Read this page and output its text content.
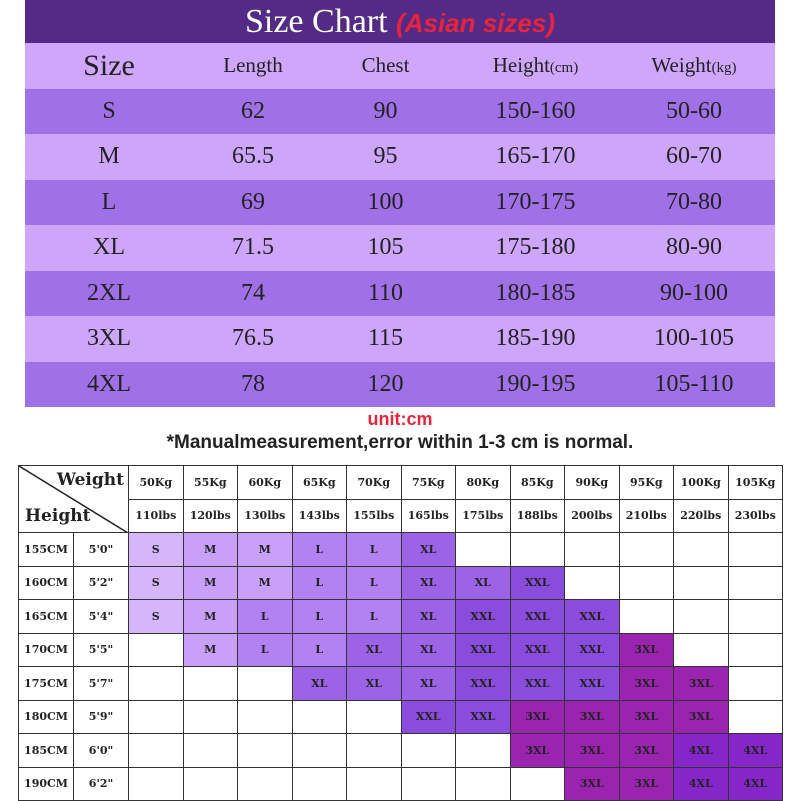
Size Chart (Asian sizes)
Size	Length	Chest	Height(cm)	Weight(kg)
S	62	90	150-160	50-60
M	65.5	95	165-170	60-70
L	69	100	170-175	70-80
XL	71.5	105	175-180	80-90
2XL	74	110	180-185	90-100
3XL	76.5	115	185-190	100-105
4XL	78	120	190-195	105-110
unit:cm
*Manualmeasurement,error within 1-3 cm is normal.
Weight
Height		50Kg	55Kg	60Kg	65Kg	70Kg	75Kg	80Kg	85Kg	90Kg	95Kg	100Kg	105Kg
		110lbs	120lbs	130lbs	143lbs	155lbs	165lbs	175lbs	188lbs	200lbs	210lbs	220lbs	230lbs
155CM	5'0"	S	M	M	L	L	XL						
160CM	5'2"	S	M	M	L	L	XL	XL	XXL				
165CM	5'4"	S	M	L	L	L	XL	XXL	XXL	XXL			
170CM	5'5"		M	L	L	XL	XL	XXL	XXL	XXL	3XL		
175CM	5'7"				XL	XL	XL	XXL	XXL	XXL	3XL	3XL	
180CM	5'9"						XXL	XXL	3XL	3XL	3XL	3XL	
185CM	6'0"								3XL	3XL	3XL	4XL	4XL
190CM	6'2"									3XL	3XL	4XL	4XL
